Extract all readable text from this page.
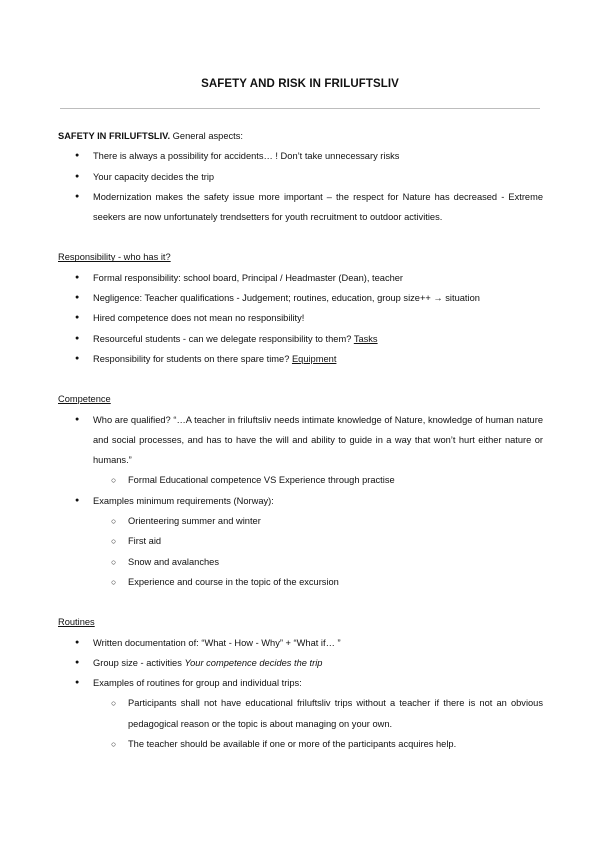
SAFETY AND RISK IN FRILUFTSLIV

SAFETY IN FRILUFTSLIV. General aspects:

● There is always a possibility for accidents… ! Don’t take unnecessary risks
● Your capacity decides the trip
● Modernization makes the safety issue more important – the respect for Nature has decreased - Extreme seekers are now unfortunately trendsetters for youth recruitment to outdoor activities.

Responsibility - who has it?

● Formal responsibility: school board, Principal / Headmaster (Dean), teacher
● Negligence: Teacher qualifications - Judgement; routines, education, group size++ → situation
● Hired competence does not mean no responsibility!
● Resourceful students - can we delegate responsibility to them? Tasks
● Responsibility for students on there spare time? Equipment

Competence

● Who are qualified? “…A teacher in friluftsliv needs intimate knowledge of Nature, knowledge of human nature and social processes, and has to have the will and ability to guide in a way that won’t hurt either nature or humans.”
○ Formal Educational competence VS Experience through practise
● Examples minimum requirements (Norway):
○ Orienteering summer and winter
○ First aid
○ Snow and avalanches
○ Experience and course in the topic of the excursion

Routines

● Written documentation of: “What - How - Why” + “What if… ”
● Group size - activities Your competence decides the trip
● Examples of routines for group and individual trips:
○ Participants shall not have educational friluftsliv trips without a teacher if there is not an obvious pedagogical reason or the topic is about managing on your own.
○ The teacher should be available if one or more of the participants acquires help.
